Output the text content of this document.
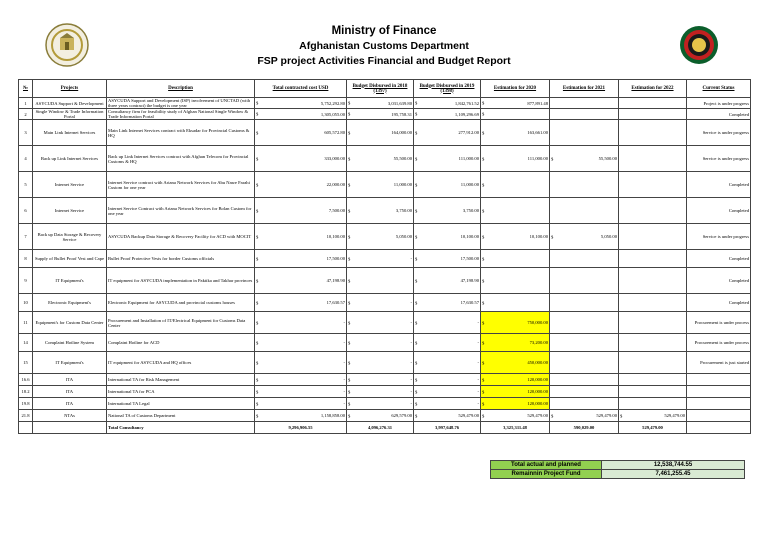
Ministry of Finance
Afghanistan Customs Department
FSP project Activities Financial and Budget Report
№	Projects	Description	Total contracted cost USD	Budget Disbursed in 2018 (1397)	Budget Disbursed in 2019 (1398)	Estimation for 2020	Estimation for 2021	Estimation for 2022	Current Status
1	ASYCUDA Support & Development	ASYCUDA Support and Development (ISP) involvement of UNCTAD (with three years contract) the budget is one year	$ 5,752,292.80	$ 3,031,639.80	$ 1,842,761.52	$ 877,891.48			Project is under progress
2	Single Window & Trade Information Portal	Consultancy firm for feasibility study of Afghan National Single Window & Trade Information Portal	$ 1,305,055.00	$ 195,758.31	$ 1,109,296.69	$			Completed
3	Main Link Internet Services	Main Link Internet Services contract with Eksadar for Provincial Customs & HQ	$ 605,572.80	$ 164,000.00	$ 277,912.00	$ 163,661.00			Service is under progress
4	Back up Link Internet Services	Back up Link Internet Services contract with Afghan Telecom for Provincial Customs & HQ	$ 333,000.00	$ 55,500.00	$ 111,000.00	$ 111,000.00	$ 55,500.00		Service is under progress
5	Internet Service	Internet Service contract with Ariana Network Services for Abu Nasre Farahi Custom for one year	$ 22,000.00	$ 11,000.00	$ 11,000.00	$			Completed
6	Internet Service	Internet Service Contract with Ariana Network Services for Bolan Custom for one year	$ 7,500.00	$ 3,750.00	$ 3,750.00	$			Completed
7	Back up Data Storage & Recovery Service	ASYCUDA Backup Data Storage & Recovery Facility for ACD with MOCIT	$ 10,100.00	$ 5,050.00	$ 10,100.00	$ 10,100.00	$ 5,050.00		Service is under progress
8	Supply of Bullet Proof Vest and Cape	Bullet Proof Protective Vests for border Customs officials	$ 17,500.00	$ -	$ 17,500.00	$			Completed
9	IT Equipment's	IT equipment for ASYCUDA implementation in Paktika and Takhar provinces	$ 47,198.90	$	$ 47,198.90	$			Completed
10	Electronic Equipment's	Electronic Equipment for ASYCUDA and provincial customs houses	$ 17,630.57	$ -	$ 17,630.57	$			Completed
11	Equipment's for Custom Data Center	Procurement and Installation of IT/Electrical Equipment for Customs Data Center	$ -	$ -	$ -	$ 750,000.00			Procurement is under process
14	Complaint Hotline System	Complaint Hotline for ACD	$ -	$ -	$ -	$ 73,200.00			Procurement is under process
15	IT Equipment's	IT equipment for ASYCUDA and HQ offices	$ -	$ -	$ -	$ 450,000.00			Procurement is just started
16.6	ITA	International TA for Risk Management	$ -	$ -	$ -	$ 120,000.00			
18.2	ITA	International TA for PCA	$ -	$ -	$ -	$ 120,000.00			
19.8	ITA	International TA Legal	$ -	$ -	$ -	$ 120,000.00			
21.8	NTAs	National TA of Customs Department	$ 1,158,858.00	$ 629,579.00	$ 529,479.00	$ 529,479.00	$ 529,479.00	$ 529,479.00	
		Total Consultancy	9,296,906.55	4,096,276.31	3,997,648.76	3,325,311.48	590,029.00	529,479.00	
Total actual and planned	12,538,744.55
Remainnin Project Fund	7,461,255.45
